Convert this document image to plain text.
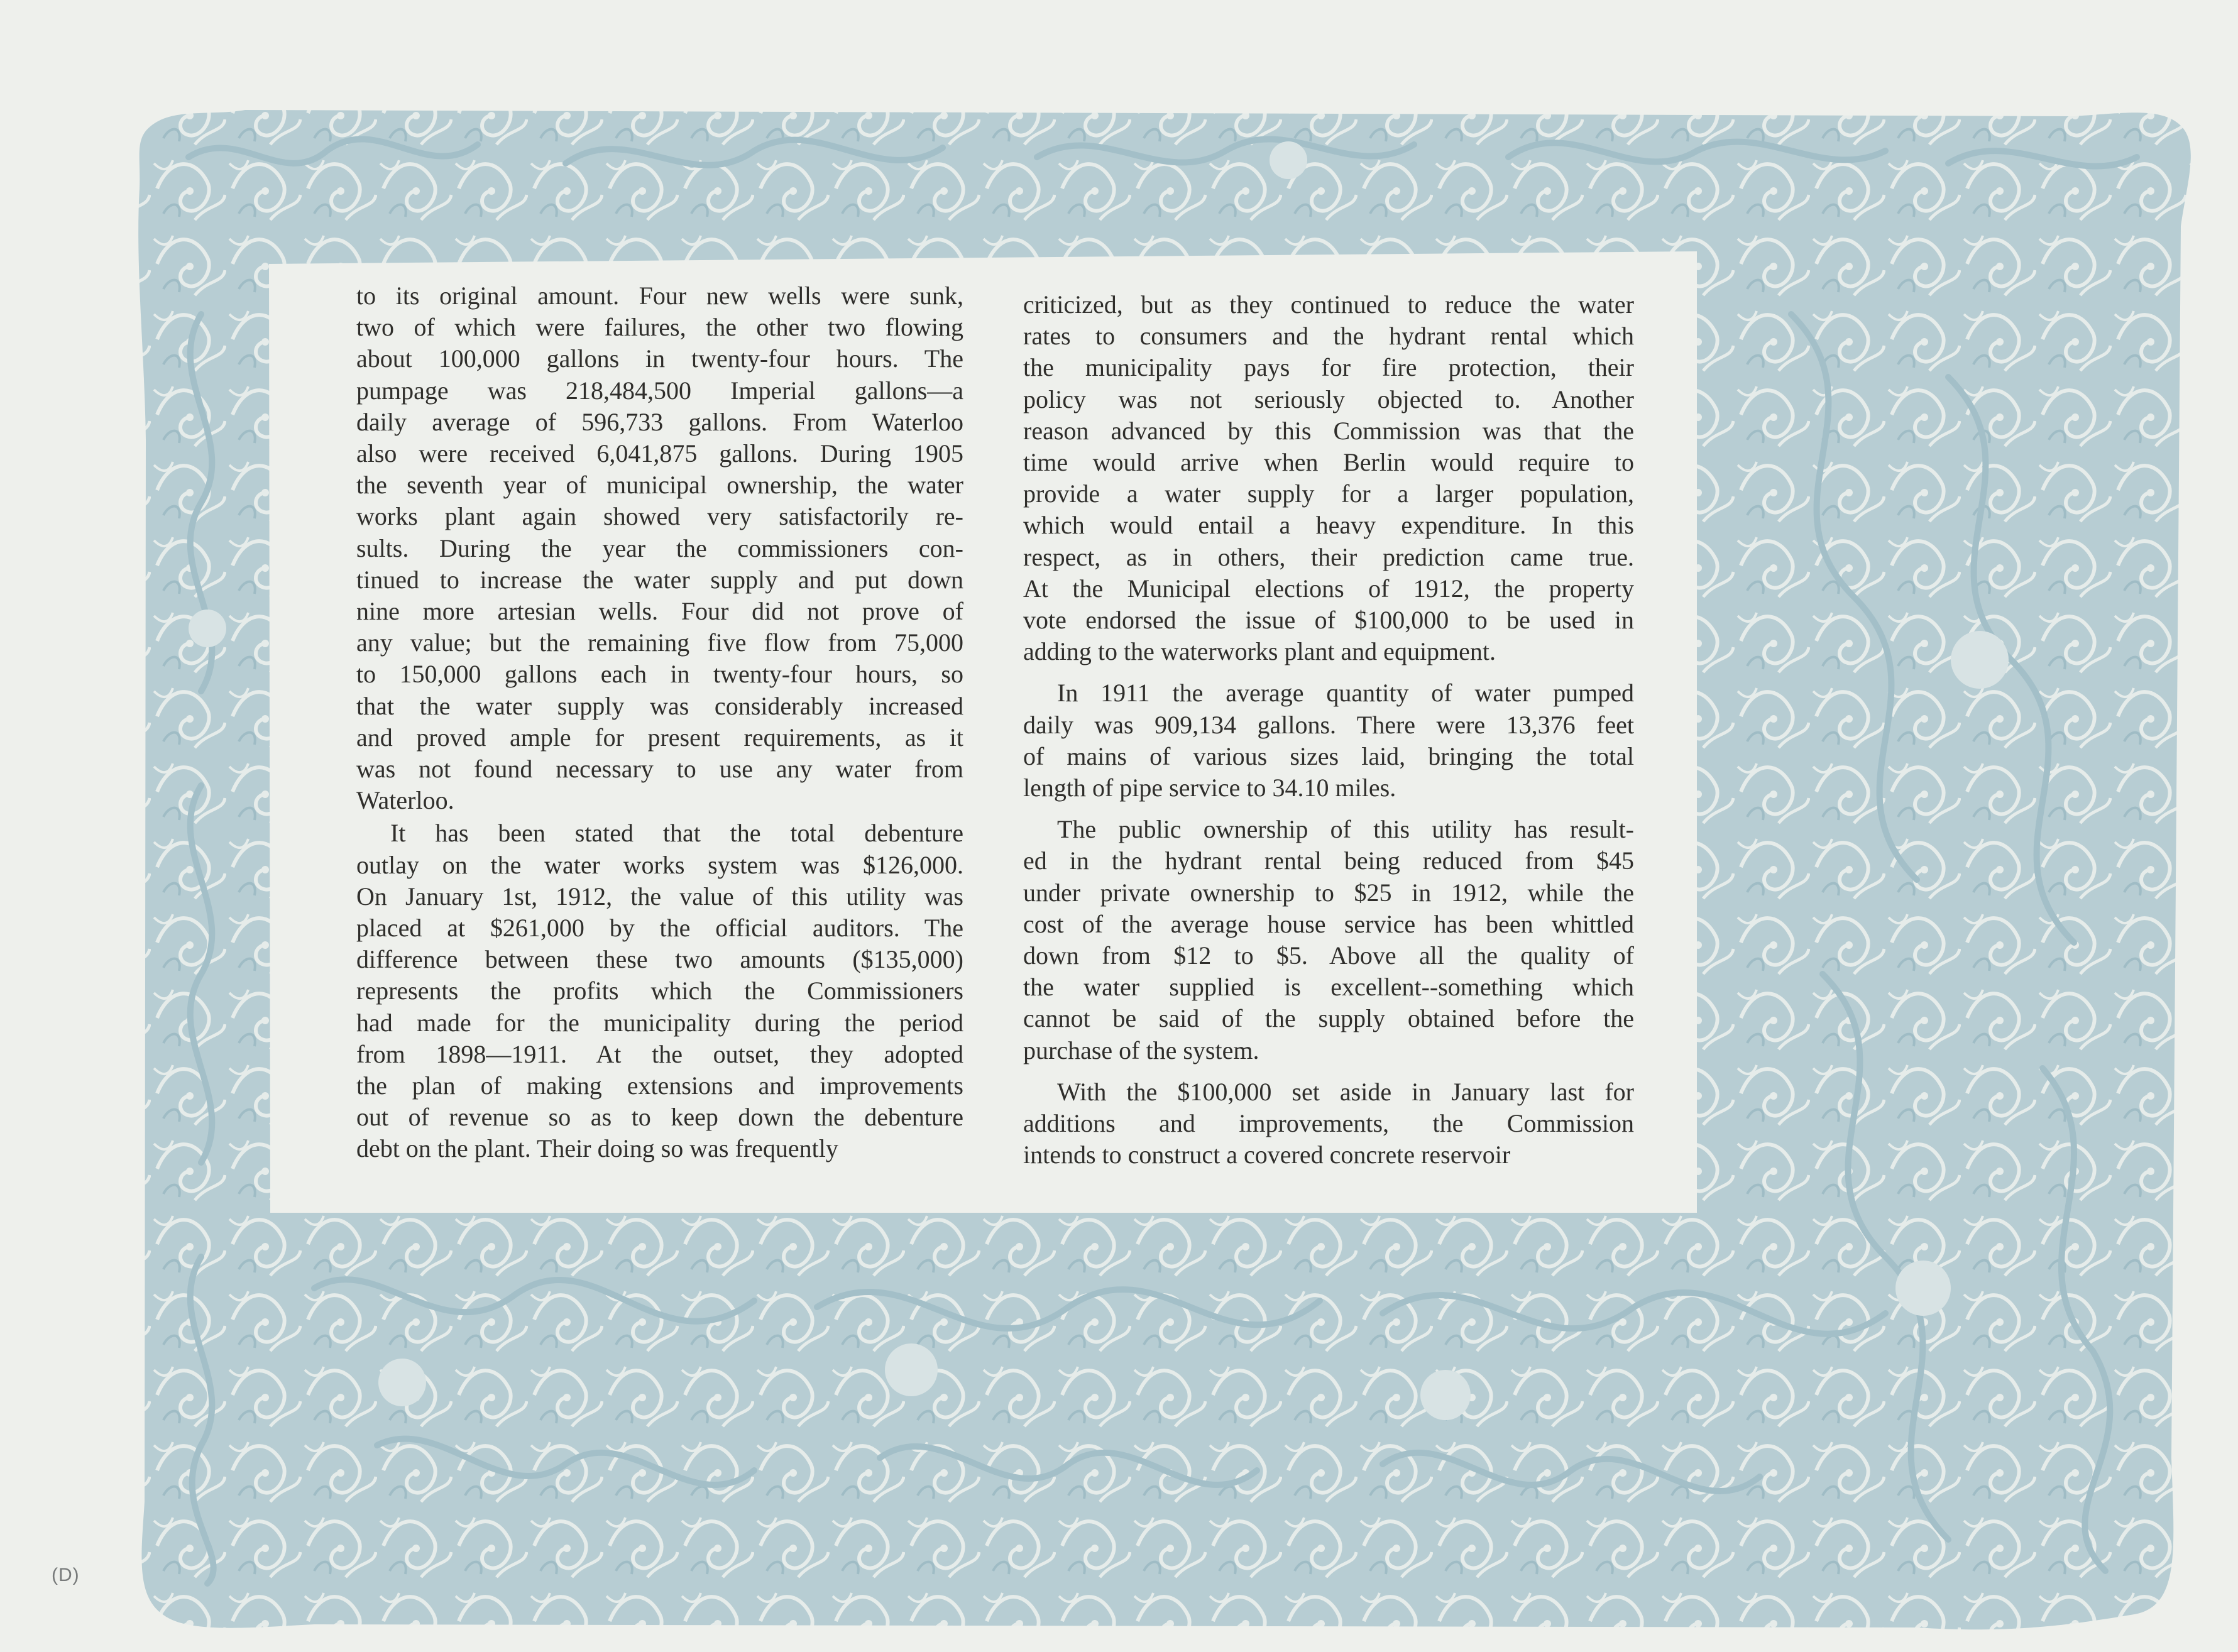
to its original amount. Four new wells were sunk,
two of which were failures, the other two flowing
about 100,000 gallons in twenty-four hours. The
pumpage was 218,484,500 Imperial gallons—a
daily average of 596,733 gallons. From Waterloo
also were received 6,041,875 gallons. During 1905
the seventh year of municipal ownership, the water
works plant again showed very satisfactorily re-
sults. During the year the commissioners con-
tinued to increase the water supply and put down
nine more artesian wells. Four did not prove of
any value; but the remaining five flow from 75,000
to 150,000 gallons each in twenty-four hours, so
that the water supply was considerably increased
and proved ample for present requirements, as it
was not found necessary to use any water from
Waterloo.

It has been stated that the total debenture
outlay on the water works system was $126,000.
On January 1st, 1912, the value of this utility was
placed at $261,000 by the official auditors. The
difference between these two amounts ($135,000)
represents the profits which the Commissioners
had made for the municipality during the period
from 1898—1911. At the outset, they adopted
the plan of making extensions and improvements
out of revenue so as to keep down the debenture
debt on the plant. Their doing so was frequently

criticized, but as they continued to reduce the water
rates to consumers and the hydrant rental which
the municipality pays for fire protection, their
policy was not seriously objected to. Another
reason advanced by this Commission was that the
time would arrive when Berlin would require to
provide a water supply for a larger population,
which would entail a heavy expenditure. In this
respect, as in others, their prediction came true.
At the Municipal elections of 1912, the property
vote endorsed the issue of $100,000 to be used in
adding to the waterworks plant and equipment.

In 1911 the average quantity of water pumped
daily was 909,134 gallons. There were 13,376 feet
of mains of various sizes laid, bringing the total
length of pipe service to 34.10 miles.

The public ownership of this utility has result-
ed in the hydrant rental being reduced from $45
under private ownership to $25 in 1912, while the
cost of the average house service has been whittled
down from $12 to $5. Above all the quality of
the water supplied is excellent--something which
cannot be said of the supply obtained before the
purchase of the system.

With the $100,000 set aside in January last for
additions and improvements, the Commission
intends to construct a covered concrete reservoir

(D)
